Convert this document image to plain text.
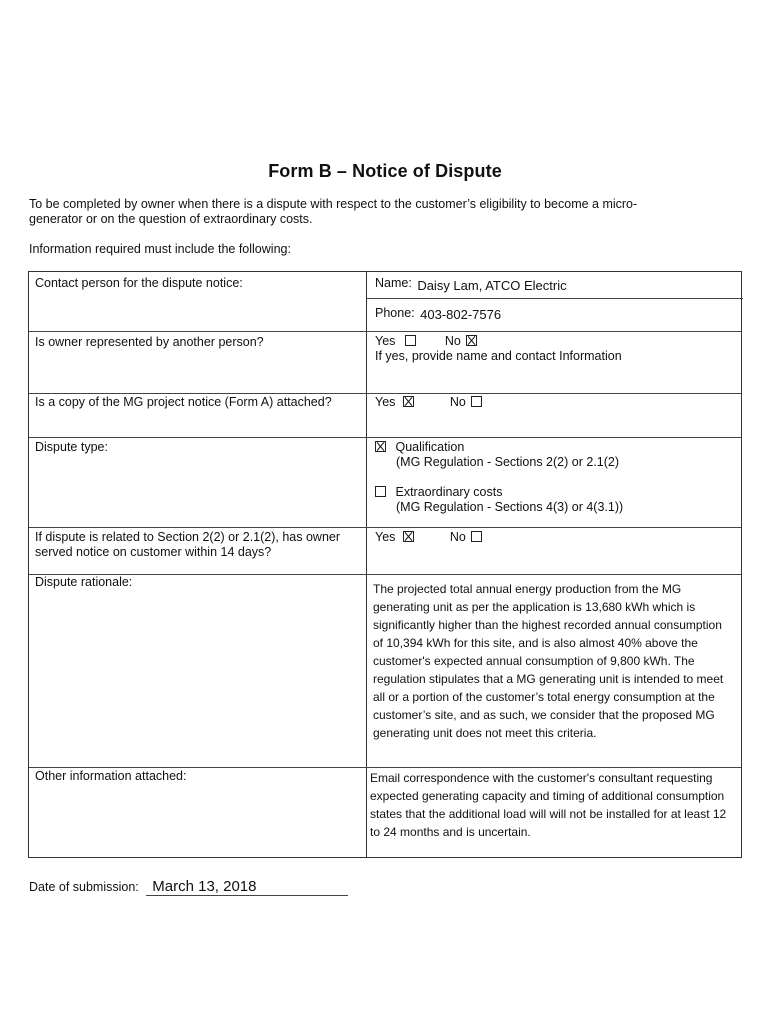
Form B – Notice of Dispute
To be completed by owner when there is a dispute with respect to the customer’s eligibility to become a micro-generator or on the question of extraordinary costs.
Information required must include the following:
Contact person for the dispute notice:	Name: Daisy Lam, ATCO Electric
Phone: 403-802-7576
Is owner represented by another person?	Yes	No
If yes, provide name and contact Information
Is a copy of the MG project notice (Form A) attached?	Yes	No
Dispute type:	Qualification
(MG Regulation - Sections 2(2) or 2.1(2)
Extraordinary costs
(MG Regulation - Sections 4(3) or 4(3.1))
If dispute is related to Section 2(2) or 2.1(2), has owner served notice on customer within 14 days?
Yes	No
Dispute rationale:	The projected total annual energy production from the MG generating unit as per the application is 13,680 kWh which is significantly higher than the highest recorded annual consumption of 10,394 kWh for this site, and is also almost 40% above the customer's expected annual consumption of 9,800 kWh. The regulation stipulates that a MG generating unit is intended to meet all or a portion of the customer’s total energy consumption at the customer’s site, and as such, we consider that the proposed MG generating unit does not meet this criteria.
Other information attached:	Email correspondence with the customer's consultant requesting expected generating capacity and timing of additional consumption states that the additional load will will not be installed for at least 12 to 24 months and is uncertain.
Date of submission: March 13, 2018
